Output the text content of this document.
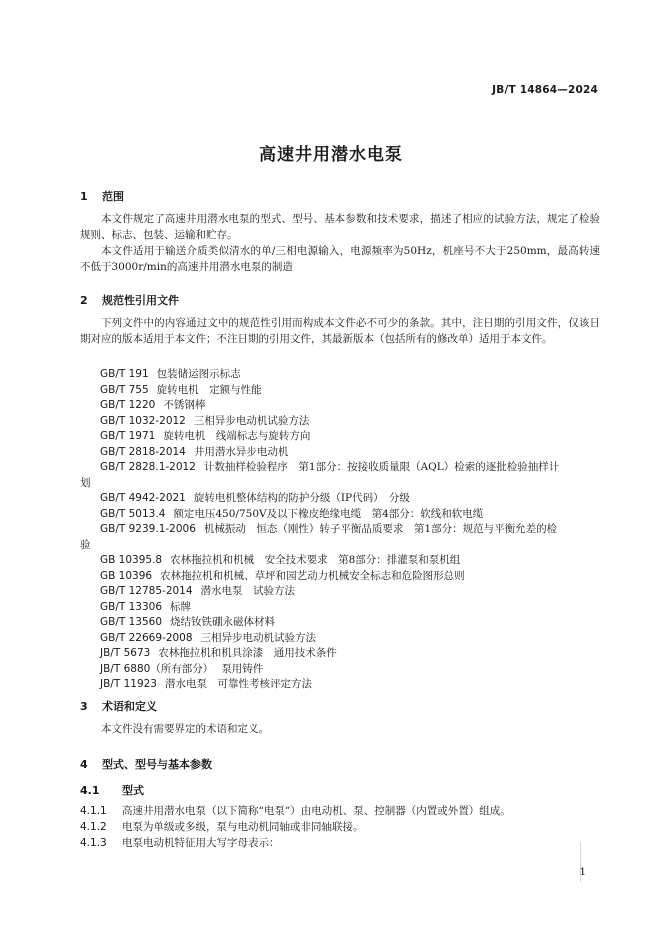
JB/T 14864—2024
高速井用潜水电泵
1 范围
本文件规定了高速井用潜水电泵的型式、型号、基本参数和技术要求，描述了相应的试验方法，规定了检验规则、标志、包装、运输和贮存。
本文件适用于输送介质类似清水的单/三相电源输入，电源频率为50Hz，机座号不大于250mm，最高转速不低于3000r/min的高速井用潜水电泵的制造
2 规范性引用文件
下列文件中的内容通过文中的规范性引用而构成本文件必不可少的条款。其中，注日期的引用文件，仅该日期对应的版本适用于本文件；不注日期的引用文件，其最新版本（包括所有的修改单）适用于本文件。
GB/T 191 包装储运图示标志
GB/T 755 旋转电机　定额与性能
GB/T 1220 不锈钢棒
GB/T 1032-2012 三相异步电动机试验方法
GB/T 1971 旋转电机　线端标志与旋转方向
GB/T 2818-2014 井用潜水异步电动机
GB/T 2828.1-2012 计数抽样检验程序　第1部分：按接收质量限（AQL）检索的逐批检验抽样计
划
GB/T 4942-2021 旋转电机整体结构的防护分级（IP代码）　分级
GB/T 5013.4 额定电压450/750V及以下橡皮绝缘电缆　第4部分：软线和软电缆
GB/T 9239.1-2006 机械振动　恒态（刚性）转子平衡品质要求　第1部分：规范与平衡允差的检
验
GB 10395.8 农林拖拉机和机械　安全技术要求　第8部分：排灌泵和泵机组
GB 10396 农林拖拉机和机械、草坪和园艺动力机械安全标志和危险图形总则
GB/T 12785-2014 潜水电泵　试验方法
GB/T 13306 标牌
GB/T 13560 烧结钕铁硼永磁体材料
GB/T 22669-2008 三相异步电动机试验方法
JB/T 5673 农林拖拉机和机具涂漆　通用技术条件
JB/T 6880（所有部分） 泵用铸件
JB/T 11923 潜水电泵　可靠性考核评定方法
3 术语和定义
本文件没有需要界定的术语和定义。
4 型式、型号与基本参数
4.1 型式
4.1.1 高速井用潜水电泵（以下简称“电泵”）由电动机、泵、控制器（内置或外置）组成。
4.1.2 电泵为单级或多级，泵与电动机同轴或非同轴联接。
4.1.3 电泵电动机特征用大写字母表示：
1
